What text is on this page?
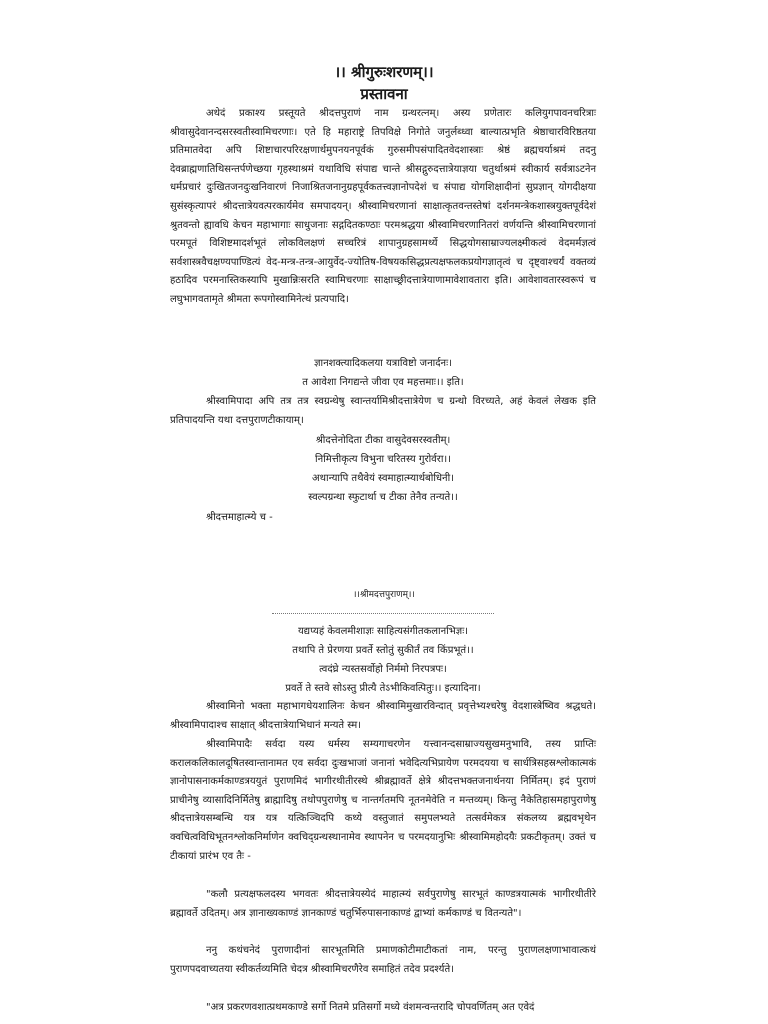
।। श्रीगुरुःशरणम्।।
प्रस्तावना

अथेदं प्रकाश्य प्रस्तूयते श्रीदत्तपुराणं नाम ग्रन्थरत्नम्। अस्य प्रणेतारः कलियुगपावनचरित्राः श्रीवासुदेवानन्दसरस्वतीस्वामिचरणाः। एते हि महाराष्ट्रे तिपविक्षे निगोते जनुर्लब्ध्वा बाल्यात्प्रभृति श्रेष्ठाचारविरिष्ठतया प्रतिमातवेदा अपि शिष्टाचारपरिरक्षणार्थमुपनयनपूर्वकं गुरुसमीपसंपादितवेदशास्त्राः श्रेष्ठं ब्रह्मचर्याश्रमं तदनु देवब्राह्मणातिथिसन्तर्पणेच्छया गृहस्थाश्रमं यथाविधि संपाद्य चान्ते श्रीसद्गुरुदत्तात्रेयाज्ञया चतुर्थाश्रमं स्वीकार्य सर्वत्राऽटनेन धर्मप्रचारं दुःखितजनदुःखनिवारणं निजाश्रितजनानुग्रहपूर्वकतत्त्वज्ञानोपदेशं च संपाद्य योगशिक्षादीनां सुप्रज्ञान् योगदीक्षया सुसंस्कृत्यापरं श्रीदत्तात्रेयवत्परकार्यमेव समपादयन्। श्रीस्वामिचरणानां साक्षात्कृतवन्तस्तेषां दर्शनमन्त्रेकशास्त्रयुक्तपूर्वदेशं श्रुतवन्तो ह्यावधि केचन महाभागाः साधुजनाः सद्गदितकण्ठाः परमश्रद्धया श्रीस्वामिचरणानितरां वर्णयन्ति श्रीस्वामिचरणानां परमपूतं विशिष्टमादर्शभूतं लोकविलक्षणं सच्चरित्रं शापानुग्रहसामर्थ्ये सिद्धयोगसाम्राज्यलक्ष्मीकत्वं वेदमर्मज्ञत्वं सर्वशास्त्रवैचक्षण्यपाण्डित्यं वेद-मन्त्र-तन्त्र-आयुर्वेद-ज्योतिष-विषयकसिद्धप्रत्यक्षफलकप्रयोगज्ञातृत्वं च दृष्ट्वाश्चर्यं वक्तव्यं हठादिव परमनास्तिकस्यापि मुखान्निःसरति स्वामिचरणाः साक्षाच्छ्रीदत्तात्रेयाणामावेशावतारा इति। आवेशावतारस्वरूपं च लघुभागवतामृते श्रीमता रूपगोस्वामिनेत्थं प्रत्यपादि।

ज्ञानशक्त्यादिकलया यत्राविष्टो जनार्दनः।
त आवेशा निगद्यन्ते जीवा एव महत्तमाः।। इति।

श्रीस्वामिपादा अपि तत्र तत्र स्वग्रन्थेषु स्वान्तर्यामिश्रीदत्तात्रेयेण च ग्रन्थो विरच्यते, अहं केवलं लेखक इति प्रतिपादयन्ति यथा दत्तपुराणटीकायाम्।

श्रीदत्तेनोदिता टीका वासुदेवसरस्वतीम्।
निमित्तीकृत्य विभुना चरितस्य गुरोर्वरा।।
अथान्यापि तथैवेयं स्वमाहात्म्यार्थबोधिनी।
स्वल्पग्रन्था स्फुटार्था च टीका तेनैव तन्यते।।

श्रीदत्तमाहात्म्ये च -

।।श्रीमदत्तपुराणम्।।
यद्यप्यहं केवलमीशाज्ञः साहित्यसंगीतकलानभिज्ञः।
तथापि ते प्रेरणया प्रवर्ते स्तोतुं सुकीर्तं तव किंप्रभूतं।।
त्वदंघ्रे न्यस्तसर्वोहो निर्ममो निरपत्रपः।
प्रवर्ते ते स्तवे सोऽस्तु प्रीत्यै तेऽभीकिवत्पितुः।। इत्यादिना।

श्रीस्वामिनो भक्ता महाभागधेयशालिनः केचन श्रीस्वामिमुखारविन्दात् प्रवृत्तेभ्यश्चरेषु वेदशास्त्रेष्विव श्रद्धधते। श्रीस्वामिपादाश्च साक्षात् श्रीदत्तात्रेयाभिधानं मन्यते स्म।

श्रीस्वामिपादैः सर्वदा यस्य धर्मस्य सम्यगाचरणेन यत्त्वानन्दसाम्राज्यसुखमनुभावि, तस्य प्राप्तिः करालकलिकालदूषितस्वान्तानामत एव सर्वदा दुःखभाजां जनानां भवेदित्यभिप्रायेण परमदयया च सार्धत्रिसहस्रश्लोकात्मकं ज्ञानोपासनाकर्मकाण्डत्रययुतं पुराणमिदं भागीरथीतीरस्थे श्रीब्रह्मावर्ते क्षेत्रे श्रीदत्तभक्तजनार्थनया निर्मितम्। इदं पुराणं प्राचीनेषु व्यासादिनिर्मितेषु ब्राह्मादिषु तथोपपुराणेषु च नान्तर्गतमपि नूतनमेवेति न मन्तव्यम्। किन्तु नैकेतिहासमहापुराणेषु श्रीदत्तात्रेयसम्बन्धि यत्र यत्र यत्किञ्चिदपि कथ्ये वस्तुजातं समुपलभ्यते तत्सर्वमेकत्र संकलय्य ब्रह्मवभृथेन क्वचित्वविधिभूतनश्लोकनिर्माणेन क्वचिद्ग्रन्थस्थानामेव स्थापनेन च परमदयानुभिः श्रीस्वामिमहोदयैः प्रकटीकृतम्। उक्तं च टीकायां प्रारंभ एव तैः -

"कलौ प्रत्यक्षफलदस्य भगवतः श्रीदत्तात्रेयस्येदं माहात्म्यं सर्वपुराणेषु सारभूतं काण्डत्रयात्मकं भागीरथीतीरे ब्रह्मावर्ते उदितम्। अत्र ज्ञानाख्यकाण्डं ज्ञानकाण्डं चतुर्भिरुपासनाकाण्डं द्वाभ्यां कर्मकाण्डं च वितन्यते"।

ननु कथंचनेदं पुराणादीनां सारभूतमिति प्रमाणकोटीमाटीकतां नाम, परन्तु पुराणलक्षणाभावात्कथं पुराणपदवाच्यतया स्वीकर्तव्यमिति चेदत्र श्रीस्वामिचरणैरेव समाहितं तदेव प्रदर्श्यते।

"अत्र प्रकरणवशात्प्रथमकाण्डे सर्गो नितमे प्रतिसर्गो मध्ये वंशमन्वन्तरादि चोपवर्णितम् अत एवेदं
